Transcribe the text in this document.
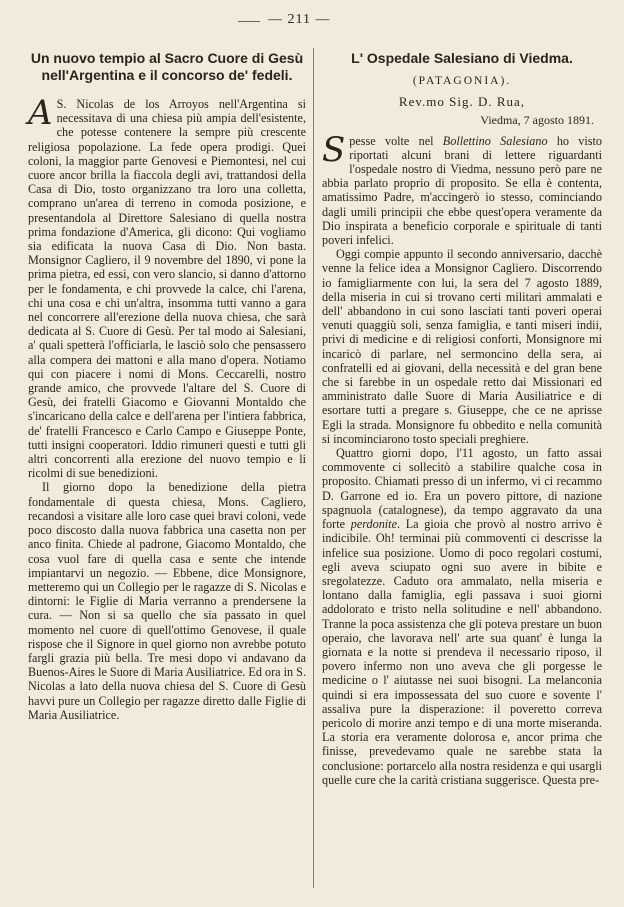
— 211 —
Un nuovo tempio al Sacro Cuore di Gesù
nell'Argentina e il concorso de' fedeli.

A S. Nicolas de los Arroyos nell'Argentina si necessitava di una chiesa più ampia dell'esistente, che potesse contenere la sempre più crescente religiosa popolazione. La fede opera prodigi. Quei coloni, la maggior parte Genovesi e Piemontesi, nel cui cuore ancor brilla la fiaccola degli avi, trattandosi della Casa di Dio, tosto organizzano tra loro una colletta, comprano un'area di terreno in comoda posizione, e presentandola al Direttore Salesiano di quella nostra prima fondazione d'America, gli dicono: Qui vogliamo sia edificata la nuova Casa di Dio. Non basta. Monsignor Cagliero, il 9 novembre del 1890, vi pone la prima pietra, ed essi, con vero slancio, si danno d'attorno per le fondamenta, e chi provvede la calce, chi l'arena, chi una cosa e chi un'altra, insomma tutti vanno a gara nel concorrere all'erezione della nuova chiesa, che sarà dedicata al S. Cuore di Gesù. Per tal modo ai Salesiani, a' quali spetterà l'officiarla, le lasciò solo che pensassero alla compera dei mattoni e alla mano d'opera. Notiamo qui con piacere i nomi di Mons. Ceccarelli, nostro grande amico, che provvede l'altare del S. Cuore di Gesù, dei fratelli Giacomo e Giovanni Montaldo che s'incaricano della calce e dell'arena per l'intiera fabbrica, de' fratelli Francesco e Carlo Campo e Giuseppe Ponte, tutti insigni cooperatori. Iddio rimuneri questi e tutti gli altri concorrenti alla erezione del nuovo tempio e li ricolmi di sue benedizioni.

Il giorno dopo la benedizione della pietra fondamentale di questa chiesa, Mons. Cagliero, recandosi a visitare alle loro case quei bravi coloni, vede poco discosto dalla nuova fabbrica una casetta non per anco finita. Chiede al padrone, Giacomo Montaldo, che cosa vuol fare di quella casa e sente che intende impiantarvi un negozio. — Ebbene, dice Monsignore, metteremo qui un Collegio per le ragazze di S. Nicolas e dintorni: le Figlie di Maria verranno a prendersene la cura. — Non si sa quello che sia passato in quel momento nel cuore di quell'ottimo Genovese, il quale rispose che il Signore in quel giorno non avrebbe potuto fargli grazia più bella. Tre mesi dopo vi andavano da Buenos-Aires le Suore di Maria Ausiliatrice. Ed ora in S. Nicolas a lato della nuova chiesa del S. Cuore di Gesù havvi pure un Collegio per ragazze diretto dalle Figlie di Maria Ausiliatrice.

L' Ospedale Salesiano di Viedma.
(PATAGONIA).
Rev.mo Sig. D. Rua,
Viedma, 7 agosto 1891.

Spesse volte nel Bollettino Salesiano ho visto riportati alcuni brani di lettere riguardanti l'ospedale nostro di Viedma, nessuno però pare ne abbia parlato proprio di proposito. Se ella è contenta, amatissimo Padre, m'accingerò io stesso, cominciando dagli umili principii che ebbe quest'opera veramente da Dio inspirata a beneficio corporale e spirituale di tanti poveri infelici.

Oggi compie appunto il secondo anniversario, dacchè venne la felice idea a Monsignor Cagliero. Discorrendo io famigliarmente con lui, la sera del 7 agosto 1889, della miseria in cui si trovano certi militari ammalati e dell' abbandono in cui sono lasciati tanti poveri operai venuti quaggiù soli, senza famiglia, e tanti miseri indii, privi di medicine e di religiosi conforti, Monsignore mi incaricò di parlare, nel sermoncino della sera, ai confratelli ed ai giovani, della necessità e del gran bene che si farebbe in un ospedale retto dai Missionari ed amministrato dalle Suore di Maria Ausiliatrice e di esortare tutti a pregare s. Giuseppe, che ce ne aprisse Egli la strada. Monsignore fu obbedito e nella comunità si incominciarono tosto speciali preghiere.

Quattro giorni dopo, l'11 agosto, un fatto assai commovente ci sollecitò a stabilire qualche cosa in proposito. Chiamati presso di un infermo, vi ci recammo D. Garrone ed io. Era un povero pittore, di nazione spagnuola (catalognese), da tempo aggravato da una forte perdonite. La gioia che provò al nostro arrivo è indicibile. Oh! terminai più commoventi ci descrisse la infelice sua posizione. Uomo di poco regolari costumi, egli aveva sciupato ogni suo avere in bibite e sregolatezze. Caduto ora ammalato, nella miseria e lontano dalla famiglia, egli passava i suoi giorni addolorato e tristo nella solitudine e nell' abbandono. Tranne la poca assistenza che gli poteva prestare un buon operaio, che lavorava nell' arte sua quant' è lunga la giornata e la notte si prendeva il necessario riposo, il povero infermo non uno aveva che gli porgesse le medicine o l' aiutasse nei suoi bisogni. La melanconia quindi si era impossessata del suo cuore e sovente l' assaliva pure la disperazione: il poveretto correva pericolo di morire anzi tempo e di una morte miseranda. La storia era veramente dolorosa e, ancor prima che finisse, prevedevamo quale ne sarebbe stata la conclusione: portarcelo alla nostra residenza e qui usargli quelle cure che la carità cristiana suggerisce. Questa pre-
